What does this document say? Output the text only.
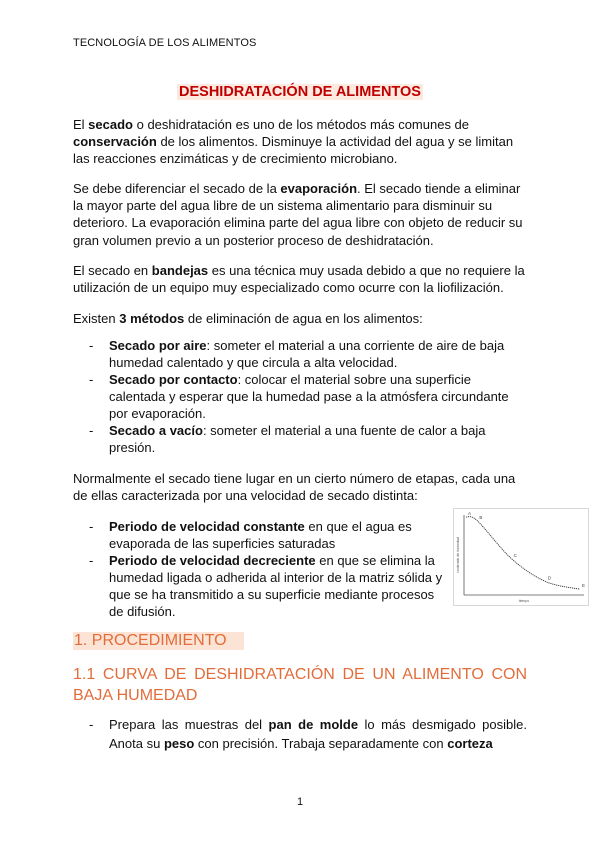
TECNOLOGÍA DE LOS ALIMENTOS
DESHIDRATACIÓN DE ALIMENTOS
El secado o deshidratación es uno de los métodos más comunes de conservación de los alimentos. Disminuye la actividad del agua y se limitan las reacciones enzimáticas y de crecimiento microbiano.
Se debe diferenciar el secado de la evaporación. El secado tiende a eliminar la mayor parte del agua libre de un sistema alimentario para disminuir su deterioro. La evaporación elimina parte del agua libre con objeto de reducir su gran volumen previo a un posterior proceso de deshidratación.
El secado en bandejas es una técnica muy usada debido a que no requiere la utilización de un equipo muy especializado como ocurre con la liofilización.
Existen 3 métodos de eliminación de agua en los alimentos:
- Secado por aire: someter el material a una corriente de aire de baja humedad calentado y que circula a alta velocidad.
- Secado por contacto: colocar el material sobre una superficie calentada y esperar que la humedad pase a la atmósfera circundante por evaporación.
- Secado a vacío: someter el material a una fuente de calor a baja presión.
Normalmente el secado tiene lugar en un cierto número de etapas, cada una de ellas caracterizada por una velocidad de secado distinta:
- Periodo de velocidad constante en que el agua es evaporada de las superficies saturadas
- Periodo de velocidad decreciente en que se elimina la humedad ligada o adherida al interior de la matriz sólida y que se ha transmitido a su superficie mediante procesos de difusión.
contenido de humedad
tiempo
A
B
C
D
E
1. PROCEDIMIENTO
1.1 CURVA DE DESHIDRATACIÓN DE UN ALIMENTO CON
BAJA HUMEDAD
- Prepara las muestras del pan de molde lo más desmigado posible. Anota su peso con precisión. Trabaja separadamente con corteza
1
